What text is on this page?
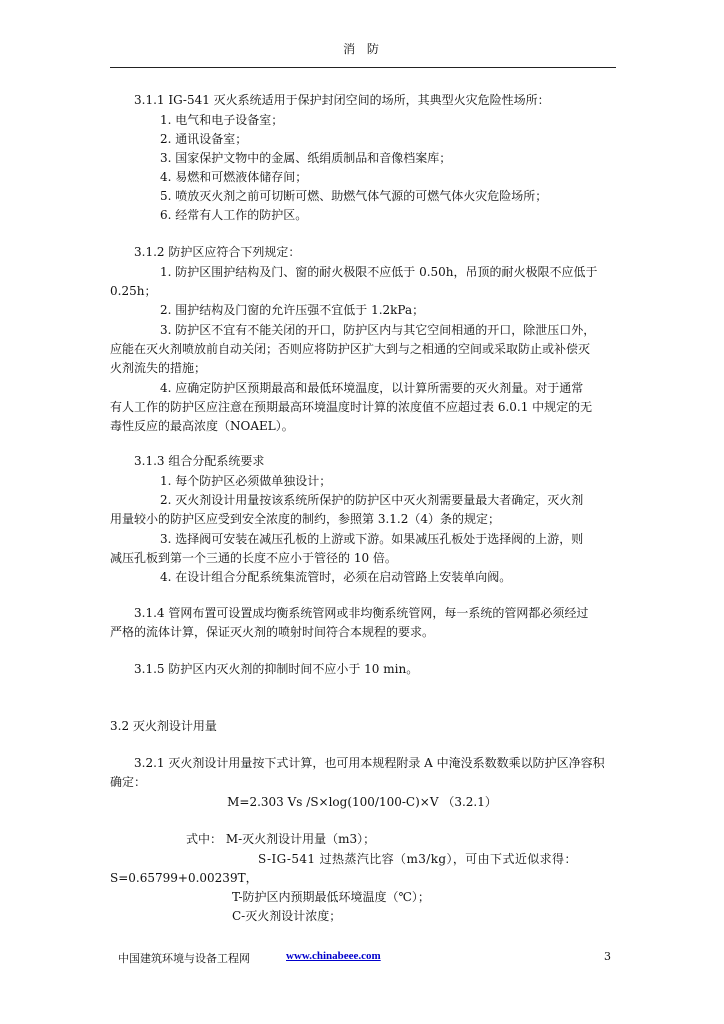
消 防
3.1.1 IG-541 灭火系统适用于保护封闭空间的场所，其典型火灾危险性场所：
1. 电气和电子设备室；
2. 通讯设备室；
3. 国家保护文物中的金属、纸绢质制品和音像档案库；
4. 易燃和可燃液体储存间；
5. 喷放灭火剂之前可切断可燃、助燃气体气源的可燃气体火灾危险场所；
6. 经常有人工作的防护区。
3.1.2 防护区应符合下列规定：
1. 防护区围护结构及门、窗的耐火极限不应低于 0.50h，吊顶的耐火极限不应低于
0.25h；
2. 围护结构及门窗的允许压强不宜低于 1.2kPa；
3. 防护区不宜有不能关闭的开口，防护区内与其它空间相通的开口，除泄压口外，
应能在灭火剂喷放前自动关闭；否则应将防护区扩大到与之相通的空间或采取防止或补偿灭
火剂流失的措施；
4. 应确定防护区预期最高和最低环境温度，以计算所需要的灭火剂量。对于通常
有人工作的防护区应注意在预期最高环境温度时计算的浓度值不应超过表 6.0.1 中规定的无
毒性反应的最高浓度（NOAEL）。
3.1.3 组合分配系统要求
1. 每个防护区必须做单独设计；
2. 灭火剂设计用量按该系统所保护的防护区中灭火剂需要量最大者确定，灭火剂
用量较小的防护区应受到安全浓度的制约，参照第 3.1.2（4）条的规定；
3. 选择阀可安装在减压孔板的上游或下游。如果减压孔板处于选择阀的上游，则
减压孔板到第一个三通的长度不应小于管径的 10 倍。
4. 在设计组合分配系统集流管时，必须在启动管路上安装单向阀。
3.1.4 管网布置可设置成均衡系统管网或非均衡系统管网，每一系统的管网都必须经过
严格的流体计算，保证灭火剂的喷射时间符合本规程的要求。
3.1.5 防护区内灭火剂的抑制时间不应小于 10 min。
3.2 灭火剂设计用量
3.2.1 灭火剂设计用量按下式计算，也可用本规程附录 A 中淹没系数数乘以防护区净容积
确定：
M=2.303 Vs /S×log(100/100-C)×V （3.2.1）
式中： M-灭火剂设计用量（m3）；
S-IG-541 过热蒸汽比容（m3/kg），可由下式近似求得：
S=0.65799+0.00239T，
T-防护区内预期最低环境温度（℃）；
C-灭火剂设计浓度；
中国建筑环境与设备工程网	www.chinabeee.com	3
